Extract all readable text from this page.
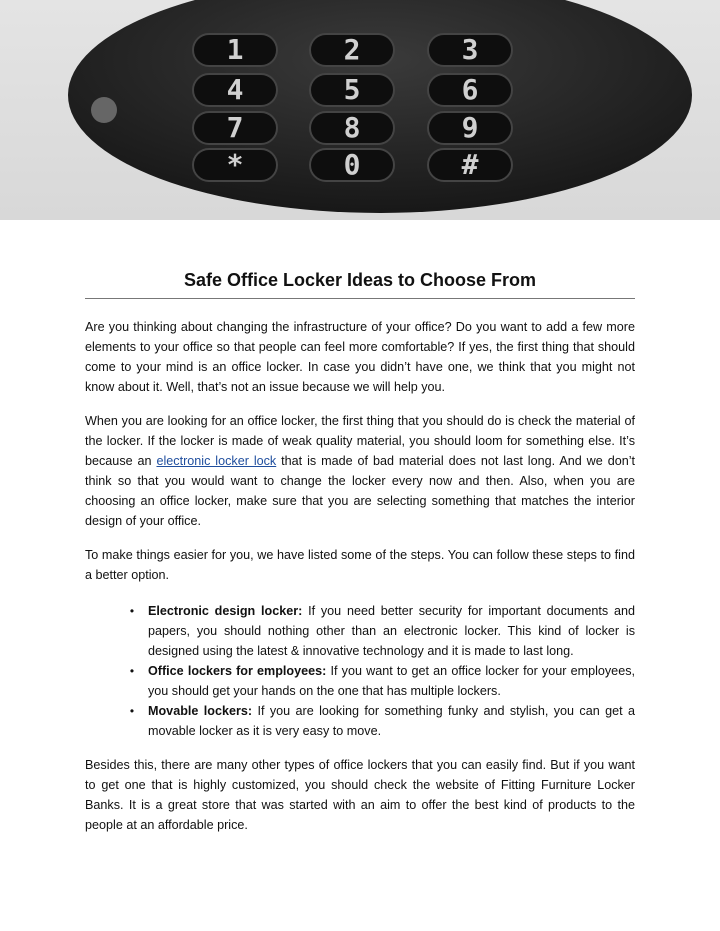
1	2	3
4	5	6
7	8	9
*	0	#
Safe Office Locker Ideas to Choose From

Are you thinking about changing the infrastructure of your office? Do you want to add a few more elements to your office so that people can feel more comfortable? If yes, the first thing that should come to your mind is an office locker. In case you didn’t have one, we think that you might not know about it. Well, that’s not an issue because we will help you.

When you are looking for an office locker, the first thing that you should do is check the material of the locker. If the locker is made of weak quality material, you should loom for something else. It’s because an electronic locker lock that is made of bad material does not last long. And we don’t think so that you would want to change the locker every now and then. Also, when you are choosing an office locker, make sure that you are selecting something that matches the interior design of your office.

To make things easier for you, we have listed some of the steps. You can follow these steps to find a better option.

• Electronic design locker: If you need better security for important documents and papers, you should nothing other than an electronic locker. This kind of locker is designed using the latest & innovative technology and it is made to last long.
• Office lockers for employees: If you want to get an office locker for your employees, you should get your hands on the one that has multiple lockers.
• Movable lockers: If you are looking for something funky and stylish, you can get a movable locker as it is very easy to move.

Besides this, there are many other types of office lockers that you can easily find. But if you want to get one that is highly customized, you should check the website of Fitting Furniture Locker Banks. It is a great store that was started with an aim to offer the best kind of products to the people at an affordable price.
